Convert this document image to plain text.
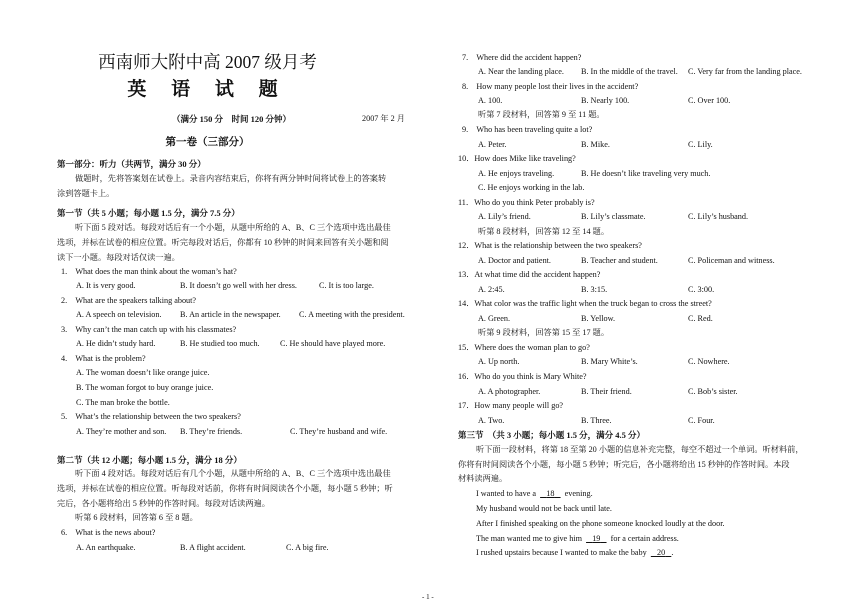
西南师大附中高 2007 级月考
英 语 试 题
（满分 150 分　时间 120 分钟）	2007 年 2 月
第一卷（三部分）
第一部分：听力（共两节，满分 30 分）
做题时，先将答案划在试卷上。录音内容结束后，你将有两分钟时间将试卷上的答案转
涂到答题卡上。
第一节（共 5 小题；每小题 1.5 分，满分 7.5 分）
听下面 5 段对话。每段对话后有一个小题，从题中所给的 A、B、C 三个选项中选出最佳
选项，并标在试卷的相应位置。听完每段对话后，你都有 10 秒钟的时间来回答有关小题和阅
读下一小题。每段对话仅读一遍。
1.　What does the man think about the woman’s hat?
A. It is very good.	B. It doesn’t go well with her dress.	C. It is too large.
2.　What are the speakers talking about?
A. A speech on television. B. An article in the newspaper. C. A meeting with the president.
3.　Why can’t the man catch up with his classmates?
A. He didn’t study hard.	B. He studied too much. C. He should have played more.
4.　What is the problem?
A. The woman doesn’t like orange juice.
B. The woman forgot to buy orange juice.
C. The man broke the bottle.
5.　What’s the relationship between the two speakers?
A. They’re mother and son. B. They’re friends.	C. They’re husband and wife.
第二节（共 12 小题；每小题 1.5 分，满分 18 分）
听下面 4 段对话。每段对话后有几个小题，从题中所给的 A、B、C 三个选项中选出最佳
选项，并标在试卷的相应位置。听每段对话前，你将有时间阅读各个小题，每小题 5 秒钟；听
完后，各小题将给出 5 秒钟的作答时间。每段对话读两遍。
听第 6 段材料，回答第 6 至 8 题。
6.　What is the news about?
A. An earthquake.	B. A flight accident.	C. A big fire.
7.　Where did the accident happen?
A. Near the landing place. B. In the middle of the travel. C. Very far from the landing place.
8.　How many people lost their lives in the accident?
A. 100.	B. Nearly 100.	C. Over 100.
听第 7 段材料，回答第 9 至 11 题。
9.　Who has been traveling quite a lot?
A. Peter.	B. Mike.	C. Lily.
10．How does Mike like traveling?
A. He enjoys traveling.	B. He doesn’t like traveling very much.
C. He enjoys working in the lab.
11．Who do you think Peter probably is?
A. Lily’s friend.	B. Lily’s classmate.	C. Lily’s husband.
听第 8 段材料，回答第 12 至 14 题。
12．What is the relationship between the two speakers?
A. Doctor and patient.	B. Teacher and student.	C. Policeman and witness.
13．At what time did the accident happen?
A. 2:45.	B. 3:15.	C. 3:00.
14．What color was the traffic light when the truck began to cross the street?
A. Green.	B. Yellow.	C. Red.
听第 9 段材料，回答第 15 至 17 题。
15．Where does the woman plan to go?
A. Up north.	B. Mary White’s.	C. Nowhere.
16．Who do you think is Mary White?
A. A photographer.	B. Their friend.	C. Bob’s sister.
17．How many people will go?
A. Two.	B. Three.	C. Four.
第三节　（共 3 小题；每小题 1.5 分，满分 4.5 分）
听下面一段材料，将第 18 至第 20 小题的信息补充完整，每空不超过一个单词。听材料前，
你将有时间阅读各个小题，每小题 5 秒钟；听完后，各小题将给出 15 秒钟的作答时间。本段
材料读两遍。
I wanted to have a 18 evening.
My husband would not be back until late.
After I finished speaking on the phone someone knocked loudly at the door.
The man wanted me to give him 19 for a certain address.
I rushed upstairs because I wanted to make the baby 20 .
- 1 -
